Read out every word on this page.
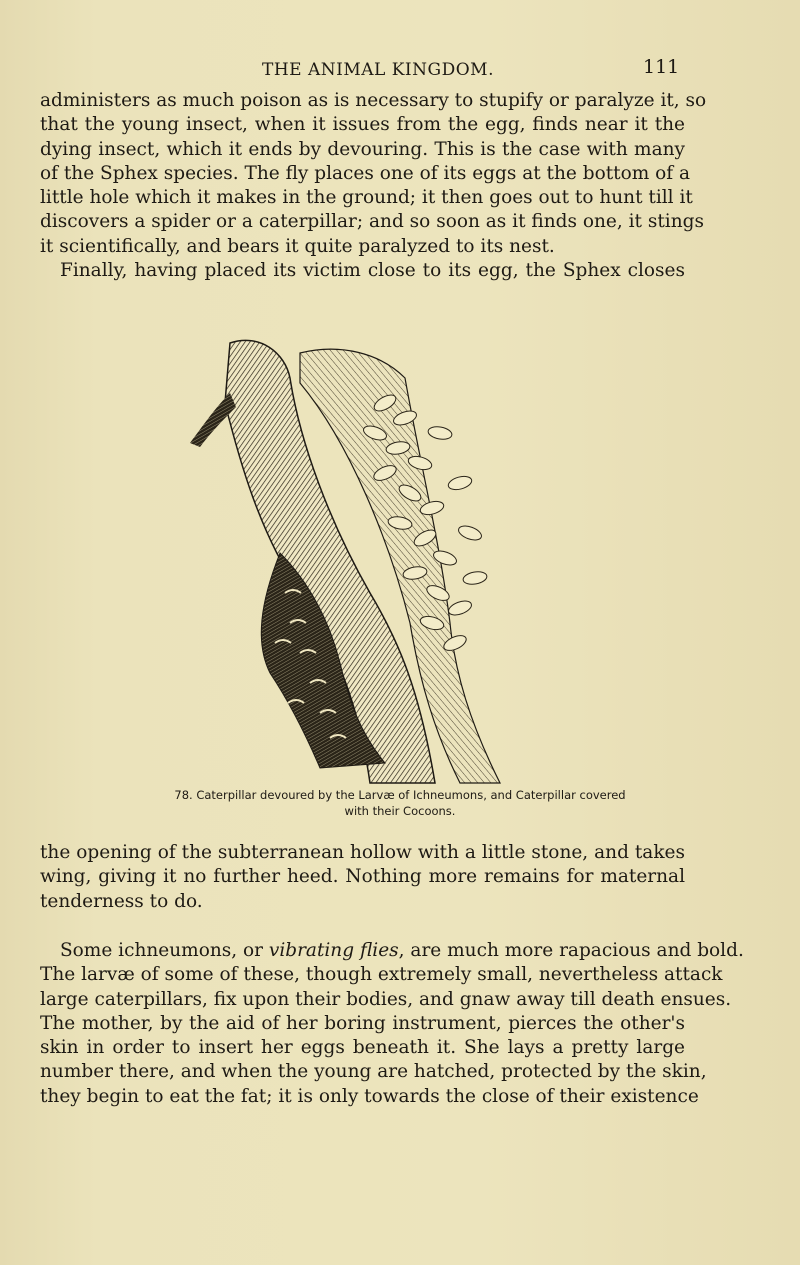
THE ANIMAL KINGDOM.	111
administers as much poison as is necessary to stupify or paralyze it, so
that the young insect, when it issues from the egg, finds near it the
dying insect, which it ends by devouring. This is the case with many
of the Sphex species. The fly places one of its eggs at the bottom of a
little hole which it makes in the ground; it then goes out to hunt till it
discovers a spider or a caterpillar; and so soon as it finds one, it stings
it scientifically, and bears it quite paralyzed to its nest.
Finally, having placed its victim close to its egg, the Sphex closes
78. Caterpillar devoured by the Larvæ of Ichneumons, and Caterpillar covered
with their Cocoons.
the opening of the subterranean hollow with a little stone, and takes
wing, giving it no further heed. Nothing more remains for maternal
tenderness to do.
Some ichneumons, or vibrating flies, are much more rapacious and bold.
The larvæ of some of these, though extremely small, nevertheless attack
large caterpillars, fix upon their bodies, and gnaw away till death ensues.
The mother, by the aid of her boring instrument, pierces the other's
skin in order to insert her eggs beneath it. She lays a pretty large
number there, and when the young are hatched, protected by the skin,
they begin to eat the fat; it is only towards the close of their existence
